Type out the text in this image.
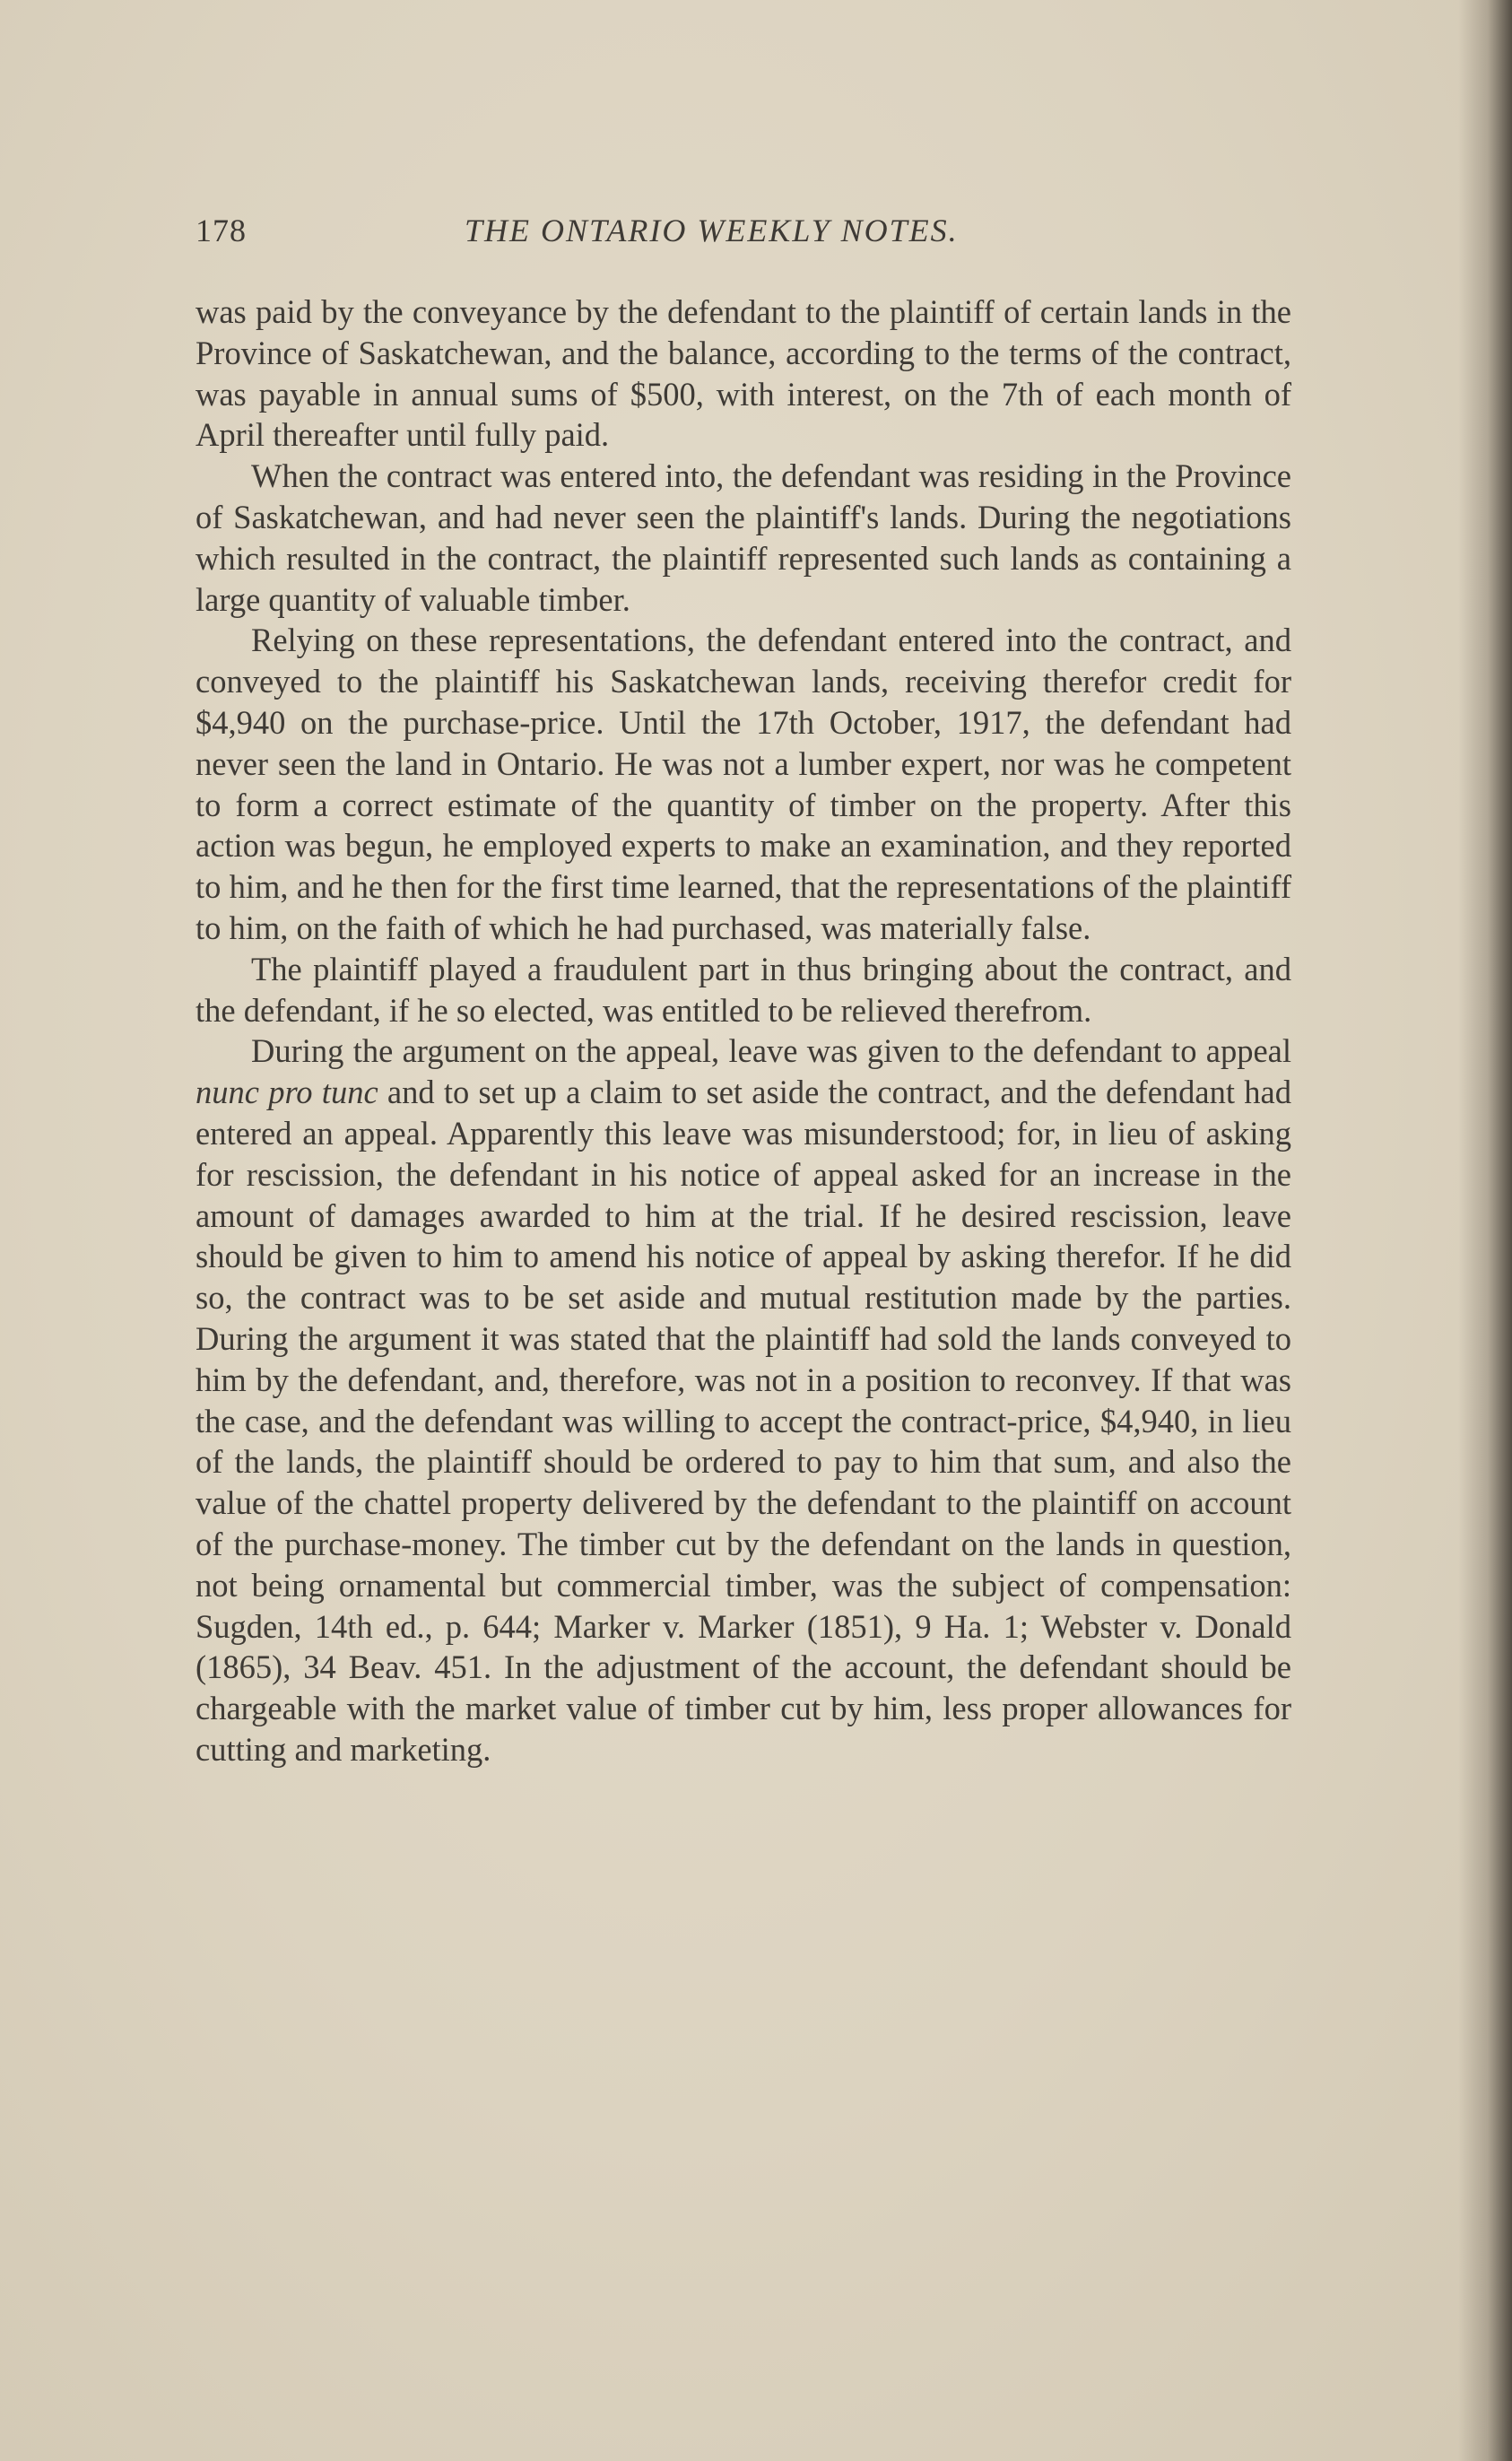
178	THE ONTARIO WEEKLY NOTES.

was paid by the conveyance by the defendant to the plaintiff of certain lands in the Province of Saskatchewan, and the balance, according to the terms of the contract, was payable in annual sums of $500, with interest, on the 7th of each month of April thereafter until fully paid.

When the contract was entered into, the defendant was residing in the Province of Saskatchewan, and had never seen the plaintiff's lands. During the negotiations which resulted in the contract, the plaintiff represented such lands as containing a large quantity of valuable timber.

Relying on these representations, the defendant entered into the contract, and conveyed to the plaintiff his Saskatchewan lands, receiving therefor credit for $4,940 on the purchase-price. Until the 17th October, 1917, the defendant had never seen the land in Ontario. He was not a lumber expert, nor was he competent to form a correct estimate of the quantity of timber on the property. After this action was begun, he employed experts to make an examination, and they reported to him, and he then for the first time learned, that the representations of the plaintiff to him, on the faith of which he had purchased, was materially false.

The plaintiff played a fraudulent part in thus bringing about the contract, and the defendant, if he so elected, was entitled to be relieved therefrom.

During the argument on the appeal, leave was given to the defendant to appeal nunc pro tunc and to set up a claim to set aside the contract, and the defendant had entered an appeal. Apparently this leave was misunderstood; for, in lieu of asking for rescission, the defendant in his notice of appeal asked for an increase in the amount of damages awarded to him at the trial. If he desired rescission, leave should be given to him to amend his notice of appeal by asking therefor. If he did so, the contract was to be set aside and mutual restitution made by the parties. During the argument it was stated that the plaintiff had sold the lands conveyed to him by the defendant, and, therefore, was not in a position to reconvey. If that was the case, and the defendant was willing to accept the contract-price, $4,940, in lieu of the lands, the plaintiff should be ordered to pay to him that sum, and also the value of the chattel property delivered by the defendant to the plaintiff on account of the purchase-money. The timber cut by the defendant on the lands in question, not being ornamental but commercial timber, was the subject of compensation: Sugden, 14th ed., p. 644; Marker v. Marker (1851), 9 Ha. 1; Webster v. Donald (1865), 34 Beav. 451. In the adjustment of the account, the defendant should be chargeable with the market value of timber cut by him, less proper allowances for cutting and marketing.
